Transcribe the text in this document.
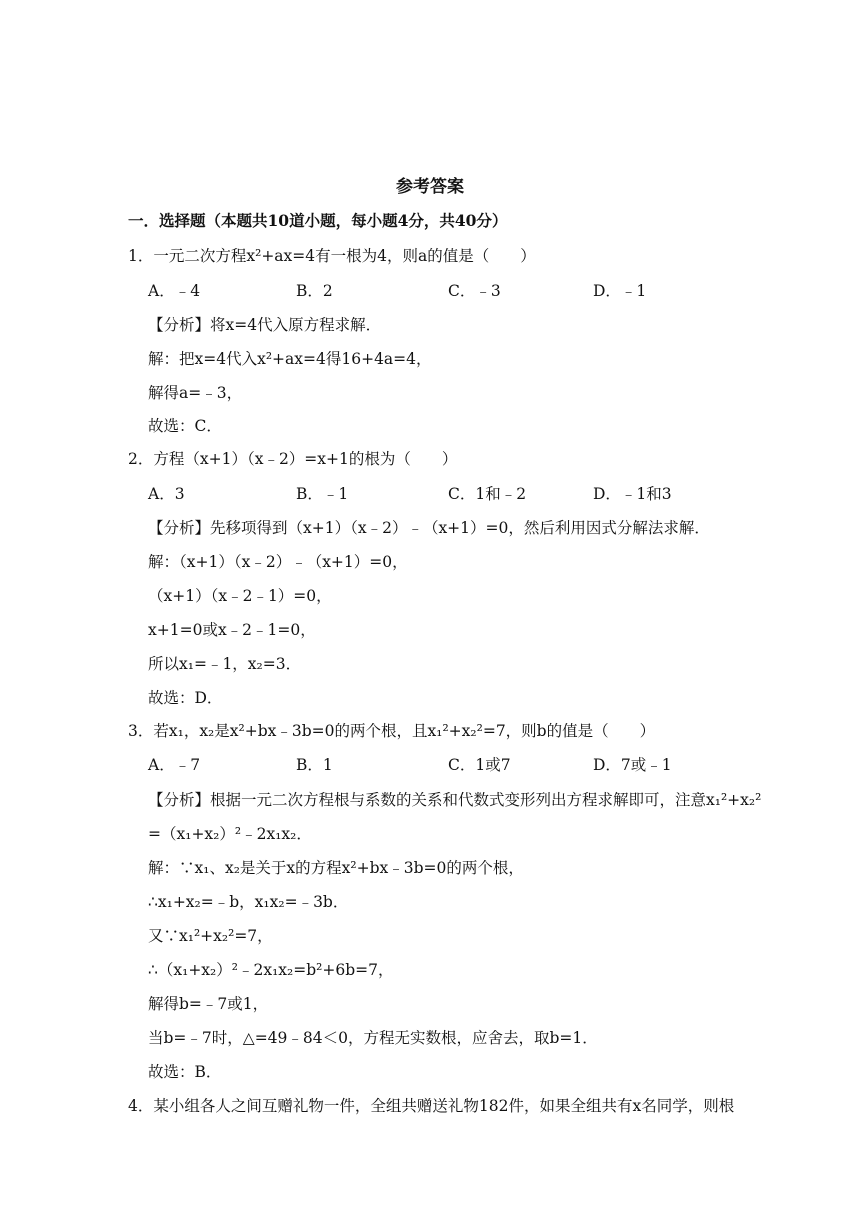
参考答案
一．选择题（本题共10道小题，每小题4分，共40分）
1．一元二次方程x²+ax=4有一根为4，则a的值是（　　）
A．﹣4	B．2	C．﹣3	D．﹣1
【分析】将x=4代入原方程求解．
解：把x=4代入x²+ax=4得16+4a=4，
解得a=﹣3，
故选：C．
2．方程（x+1）（x﹣2）=x+1的根为（　　）
A．3	B．﹣1	C．1和﹣2	D．﹣1和3
【分析】先移项得到（x+1）（x﹣2）﹣（x+1）=0，然后利用因式分解法求解．
解：（x+1）（x﹣2）﹣（x+1）=0，
（x+1）（x﹣2﹣1）=0，
x+1=0或x﹣2﹣1=0，
所以x₁=﹣1，x₂=3．
故选：D．
3．若x₁，x₂是x²+bx﹣3b=0的两个根，且x₁²+x₂²=7，则b的值是（　　）
A．﹣7	B．1	C．1或7	D．7或﹣1
【分析】根据一元二次方程根与系数的关系和代数式变形列出方程求解即可，注意x₁²+x₂²
=（x₁+x₂）²﹣2x₁x₂．
解：∵x₁、x₂是关于x的方程x²+bx﹣3b=0的两个根，
∴x₁+x₂=﹣b，x₁x₂=﹣3b．
又∵x₁²+x₂²=7，
∴（x₁+x₂）²﹣2x₁x₂=b²+6b=7，
解得b=﹣7或1，
当b=﹣7时，△=49﹣84＜0，方程无实数根，应舍去，取b=1．
故选：B．
4．某小组各人之间互赠礼物一件，全组共赠送礼物182件，如果全组共有x名同学，则根
